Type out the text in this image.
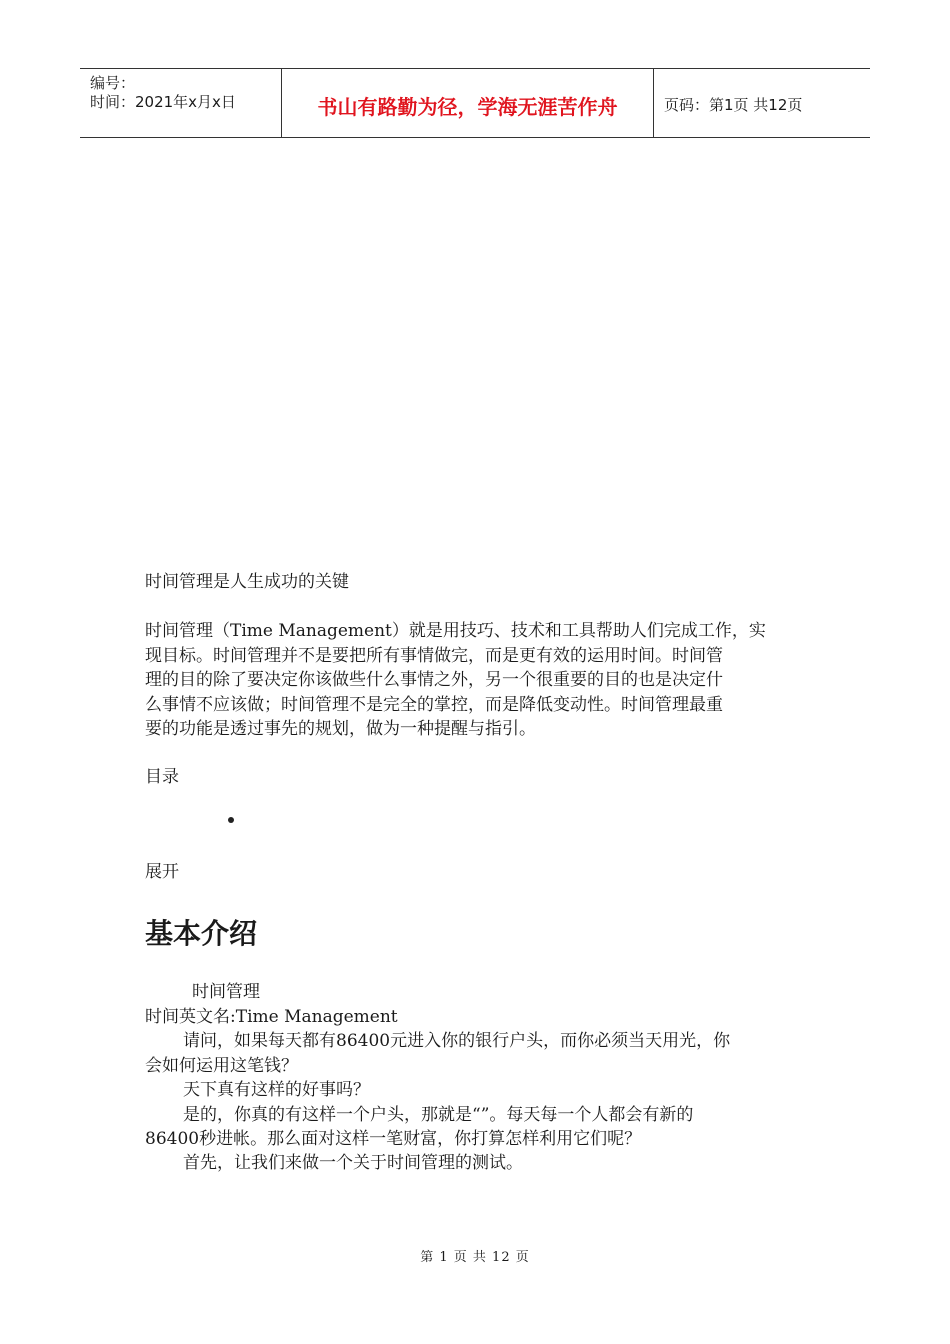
编号：
时间：2021年x月x日	书山有路勤为径，学海无涯苦作舟	页码：第1页 共12页
时间管理是人生成功的关键

时间管理（Time Management）就是用技巧、技术和工具帮助人们完成工作，实

现目标。时间管理并不是要把所有事情做完，而是更有效的运用时间。时间管

理的目的除了要决定你该做些什么事情之外，另一个很重要的目的也是决定什

么事情不应该做；时间管理不是完全的掌控，而是降低变动性。时间管理最重

要的功能是透过事先的规划，做为一种提醒与指引。

目录
展开
基本介绍
时间管理
时间英文名:Time Management
请问，如果每天都有86400元进入你的银行户头，而你必须当天用光，你
会如何运用这笔钱？
天下真有这样的好事吗？
是的，你真的有这样一个户头，那就是“”。每天每一个人都会有新的
86400秒进帐。那么面对这样一笔财富，你打算怎样利用它们呢？
首先，让我们来做一个关于时间管理的测试。
第 1 页 共 12 页
